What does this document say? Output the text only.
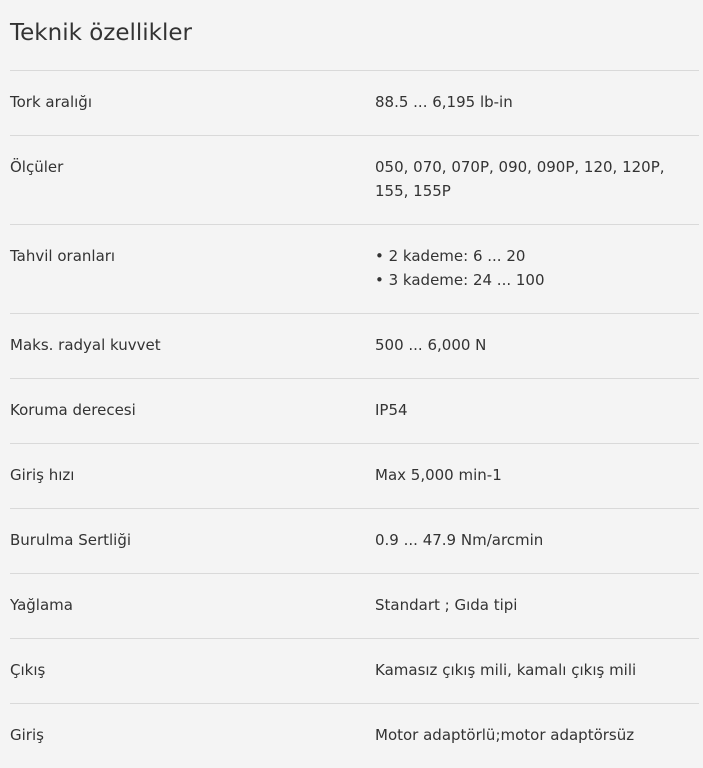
Teknik özellikler
Tork aralığı	88.5 ... 6,195 lb-in
Ölçüler	050, 070, 070P, 090, 090P, 120, 120P, 155, 155P
Tahvil oranları	• 2 kademe: 6 ... 20
• 3 kademe: 24 ... 100
Maks. radyal kuvvet	500 ... 6,000 N
Koruma derecesi	IP54
Giriş hızı	Max 5,000 min-1
Burulma Sertliği	0.9 ... 47.9 Nm/arcmin
Yağlama	Standart ; Gıda tipi
Çıkış	Kamasız çıkış mili, kamalı çıkış mili
Giriş	Motor adaptörlü;motor adaptörsüz
